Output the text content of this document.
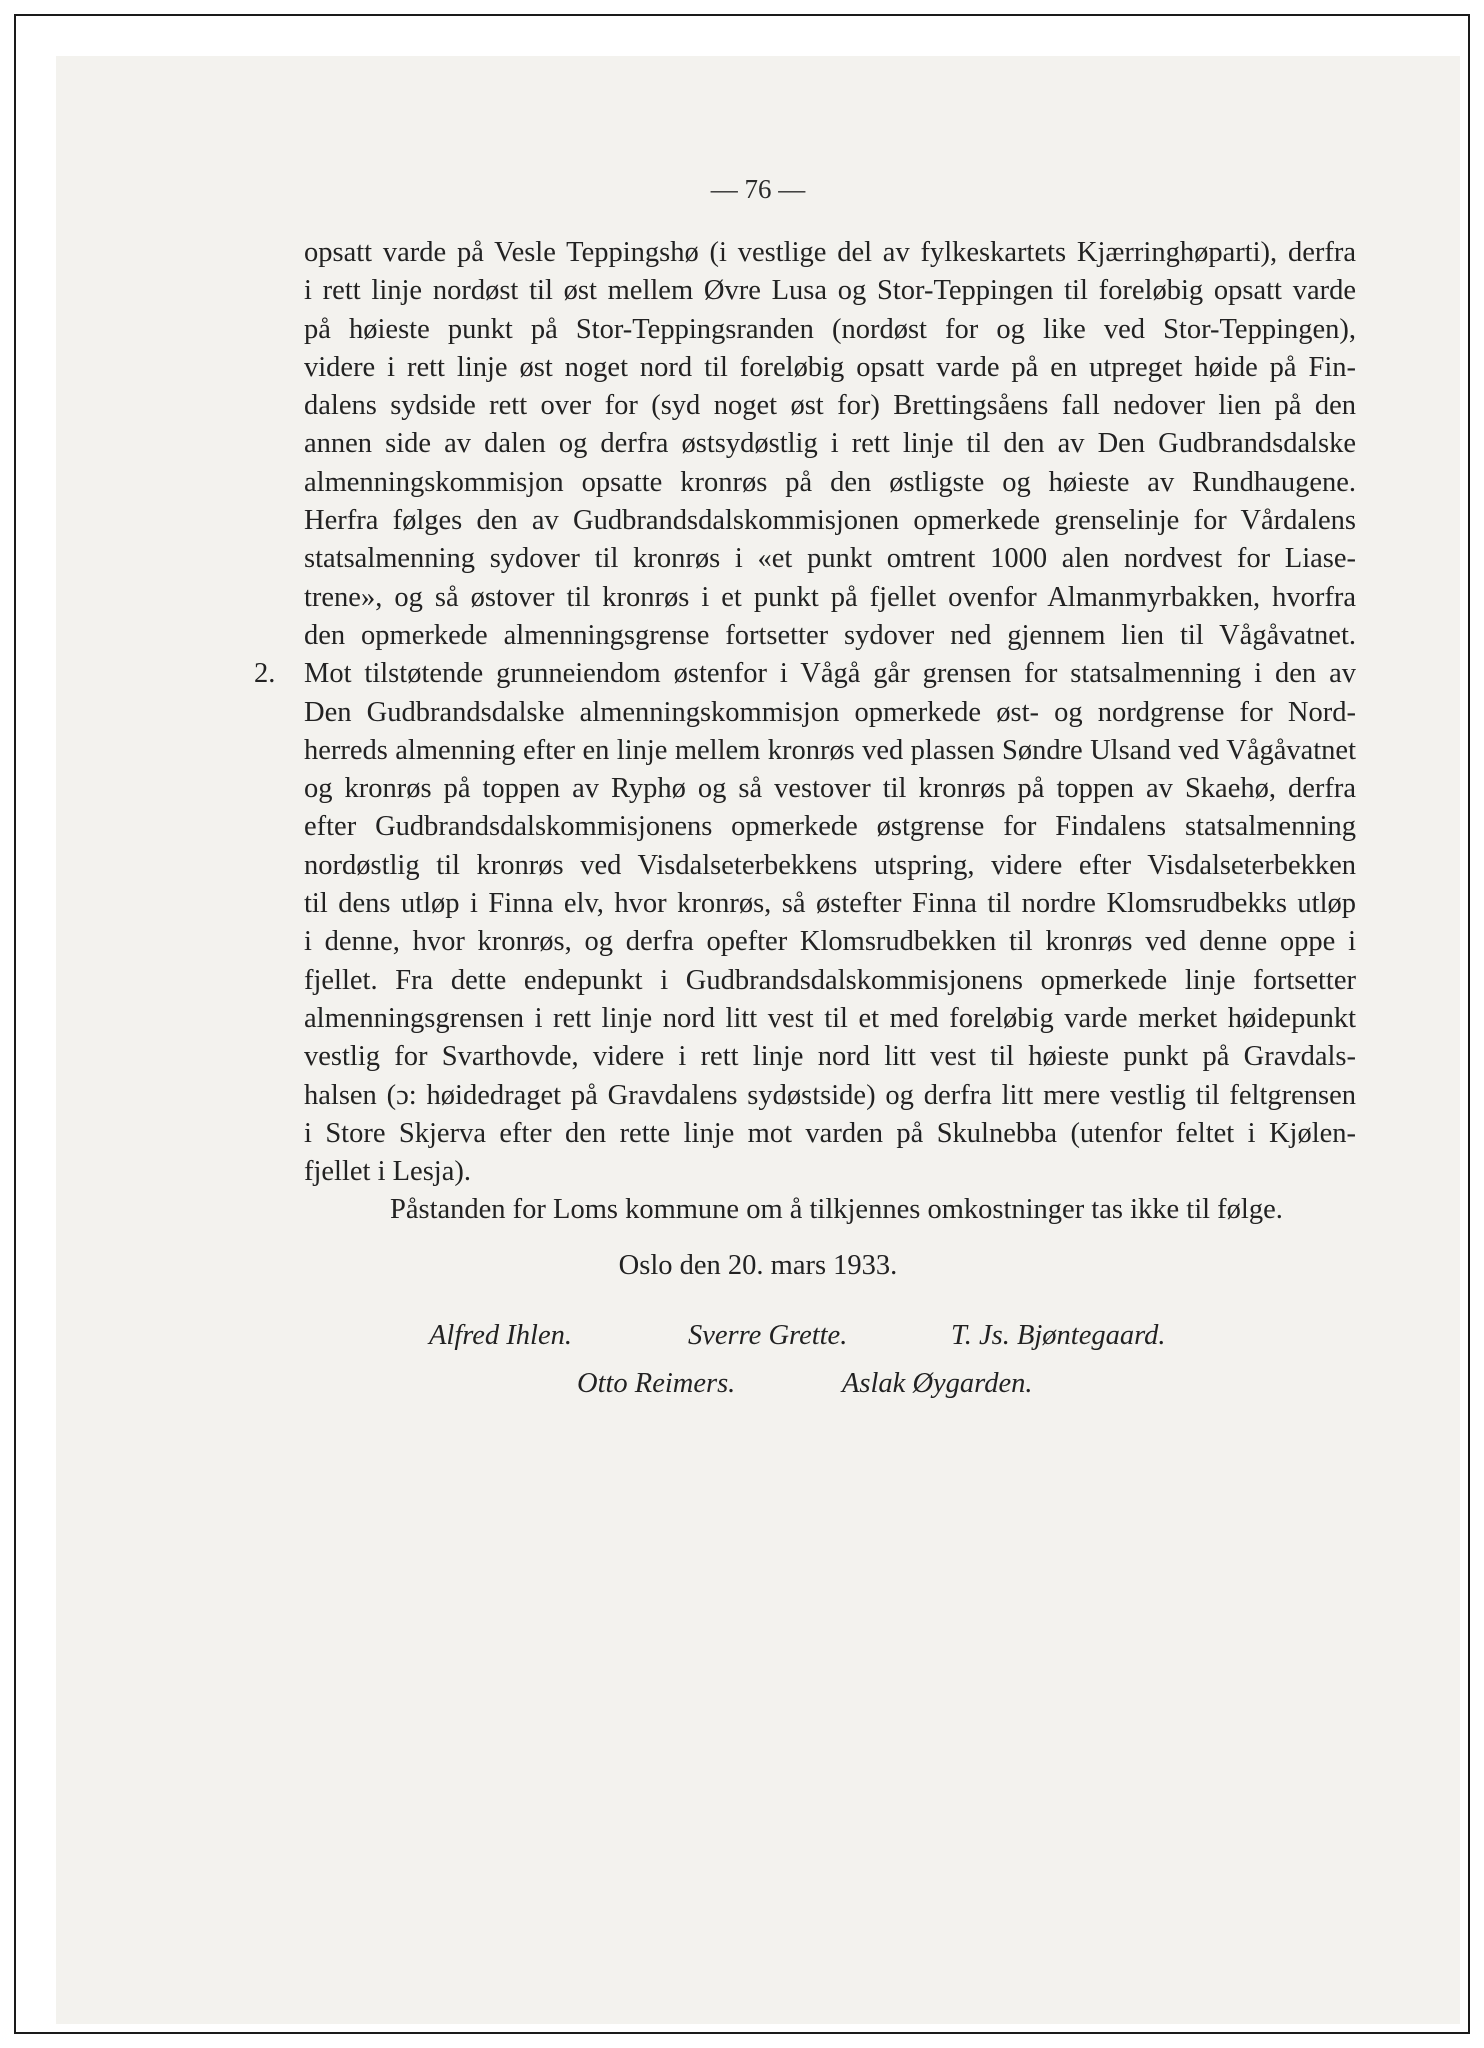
— 76 —
opsatt varde på Vesle Teppingshø (i vestlige del av fylkeskartets Kjærringhøparti), derfra
i rett linje nordøst til øst mellem Øvre Lusa og Stor-Teppingen til foreløbig opsatt varde
på høieste punkt på Stor-Teppingsranden (nordøst for og like ved Stor-Teppingen),
videre i rett linje øst noget nord til foreløbig opsatt varde på en utpreget høide på Fin-
dalens sydside rett over for (syd noget øst for) Brettingsåens fall nedover lien på den
annen side av dalen og derfra østsydøstlig i rett linje til den av Den Gudbrandsdalske
almenningskommisjon opsatte kronrøs på den østligste og høieste av Rundhaugene.
Herfra følges den av Gudbrandsdalskommisjonen opmerkede grenselinje for Vårdalens
statsalmenning sydover til kronrøs i «et punkt omtrent 1000 alen nordvest for Liase-
trene», og så østover til kronrøs i et punkt på fjellet ovenfor Almanmyrbakken, hvorfra
den opmerkede almenningsgrense fortsetter sydover ned gjennem lien til Vågåvatnet.
2. Mot tilstøtende grunneiendom østenfor i Vågå går grensen for statsalmenning i den av
Den Gudbrandsdalske almenningskommisjon opmerkede øst- og nordgrense for Nord-
herreds almenning efter en linje mellem kronrøs ved plassen Søndre Ulsand ved Vågåvatnet
og kronrøs på toppen av Ryphø og så vestover til kronrøs på toppen av Skaehø, derfra
efter Gudbrandsdalskommisjonens opmerkede østgrense for Findalens statsalmenning
nordøstlig til kronrøs ved Visdalseterbekkens utspring, videre efter Visdalseterbekken
til dens utløp i Finna elv, hvor kronrøs, så østefter Finna til nordre Klomsrudbekks utløp
i denne, hvor kronrøs, og derfra opefter Klomsrudbekken til kronrøs ved denne oppe i
fjellet. Fra dette endepunkt i Gudbrandsdalskommisjonens opmerkede linje fortsetter
almenningsgrensen i rett linje nord litt vest til et med foreløbig varde merket høidepunkt
vestlig for Svarthovde, videre i rett linje nord litt vest til høieste punkt på Gravdals-
halsen (ɔ: høidedraget på Gravdalens sydøstside) og derfra litt mere vestlig til feltgrensen
i Store Skjerva efter den rette linje mot varden på Skulnebba (utenfor feltet i Kjølen-
fjellet i Lesja).
Påstanden for Loms kommune om å tilkjennes omkostninger tas ikke til følge.
Oslo den 20. mars 1933.
Alfred Ihlen.	Sverre Grette.	T. Js. Bjøntegaard.
Otto Reimers.	Aslak Øygarden.
